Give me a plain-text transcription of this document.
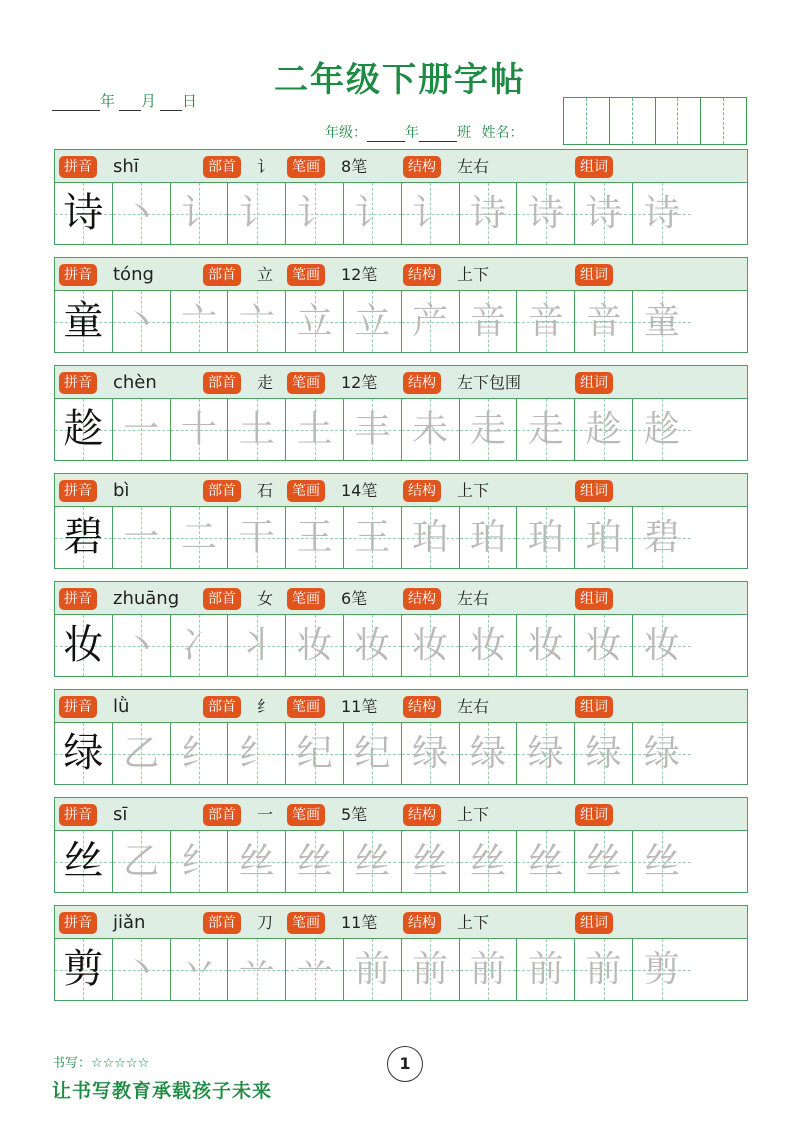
二年级下册字帖
年 月 日
年级：	年	班 姓名：
拼音 shī	部首	讠	笔画	8笔	结构	左右	组词
诗 丶 讠 讠 讠 讠 讠 诗 诗 诗 诗
拼音 tóng	部首	立	笔画	12笔	结构	上下	组词
童 丶 亠 亠 立 立 产 音 音 音 童
拼音 chèn	部首	走	笔画	12笔	结构	左下包围	组词
趁 一 十 土 土 丰 未 走 走 趁 趁
拼音 bì	部首	石	笔画	14笔	结构	上下	组词
碧 一 二 干 王 王 珀 珀 珀 珀 碧
拼音 zhuāng	部首	女	笔画	6笔	结构	左右	组词
妆 丶 冫 丬 妆 妆 妆 妆 妆 妆 妆
拼音 lǜ	部首	纟	笔画	11笔	结构	左右	组词
绿 乙 纟 纟 纪 纪 绿 绿 绿 绿 绿
拼音 sī	部首	一	笔画	5笔	结构	上下	组词
丝 乙 纟 丝 丝 丝 丝 丝 丝 丝 丝
拼音 jiǎn	部首	刀	笔画	11笔	结构	上下	组词
剪 丶 丷 䒑 䒑 前 前 前 前 前 剪
书写：☆☆☆☆☆	1
让书写教育承载孩子未来
